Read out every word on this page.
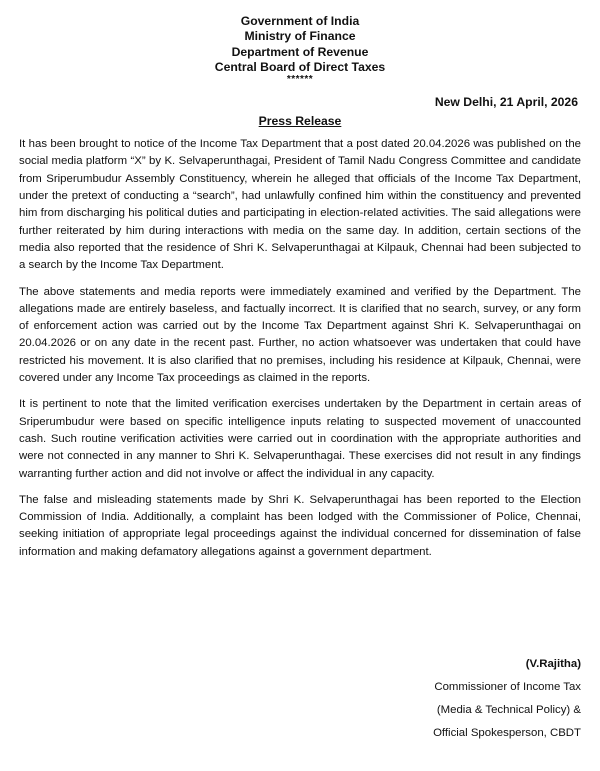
Government of India
Ministry of Finance
Department of Revenue
Central Board of Direct Taxes
******
New Delhi, 21 April, 2026
Press Release

It has been brought to notice of the Income Tax Department that a post dated 20.04.2026 was published on the social media platform “X” by K. Selvaperunthagai, President of Tamil Nadu Congress Committee and candidate from Sriperumbudur Assembly Constituency, wherein he alleged that officials of the Income Tax Department, under the pretext of conducting a “search”, had unlawfully confined him within the constituency and prevented him from discharging his political duties and participating in election-related activities. The said allegations were further reiterated by him during interactions with media on the same day. In addition, certain sections of the media also reported that the residence of Shri K. Selvaperunthagai at Kilpauk, Chennai had been subjected to a search by the Income Tax Department.

The above statements and media reports were immediately examined and verified by the Department. The allegations made are entirely baseless, and factually incorrect. It is clarified that no search, survey, or any form of enforcement action was carried out by the Income Tax Department against Shri K. Selvaperunthagai on 20.04.2026 or on any date in the recent past. Further, no action whatsoever was undertaken that could have restricted his movement. It is also clarified that no premises, including his residence at Kilpauk, Chennai, were covered under any Income Tax proceedings as claimed in the reports.

It is pertinent to note that the limited verification exercises undertaken by the Department in certain areas of Sriperumbudur were based on specific intelligence inputs relating to suspected movement of unaccounted cash. Such routine verification activities were carried out in coordination with the appropriate authorities and were not connected in any manner to Shri K. Selvaperunthagai. These exercises did not result in any findings warranting further action and did not involve or affect the individual in any capacity.

The false and misleading statements made by Shri K. Selvaperunthagai has been reported to the Election Commission of India. Additionally, a complaint has been lodged with the Commissioner of Police, Chennai, seeking initiation of appropriate legal proceedings against the individual concerned for dissemination of false information and making defamatory allegations against a government department.

(V.Rajitha)
Commissioner of Income Tax
(Media & Technical Policy) &
Official Spokesperson, CBDT
